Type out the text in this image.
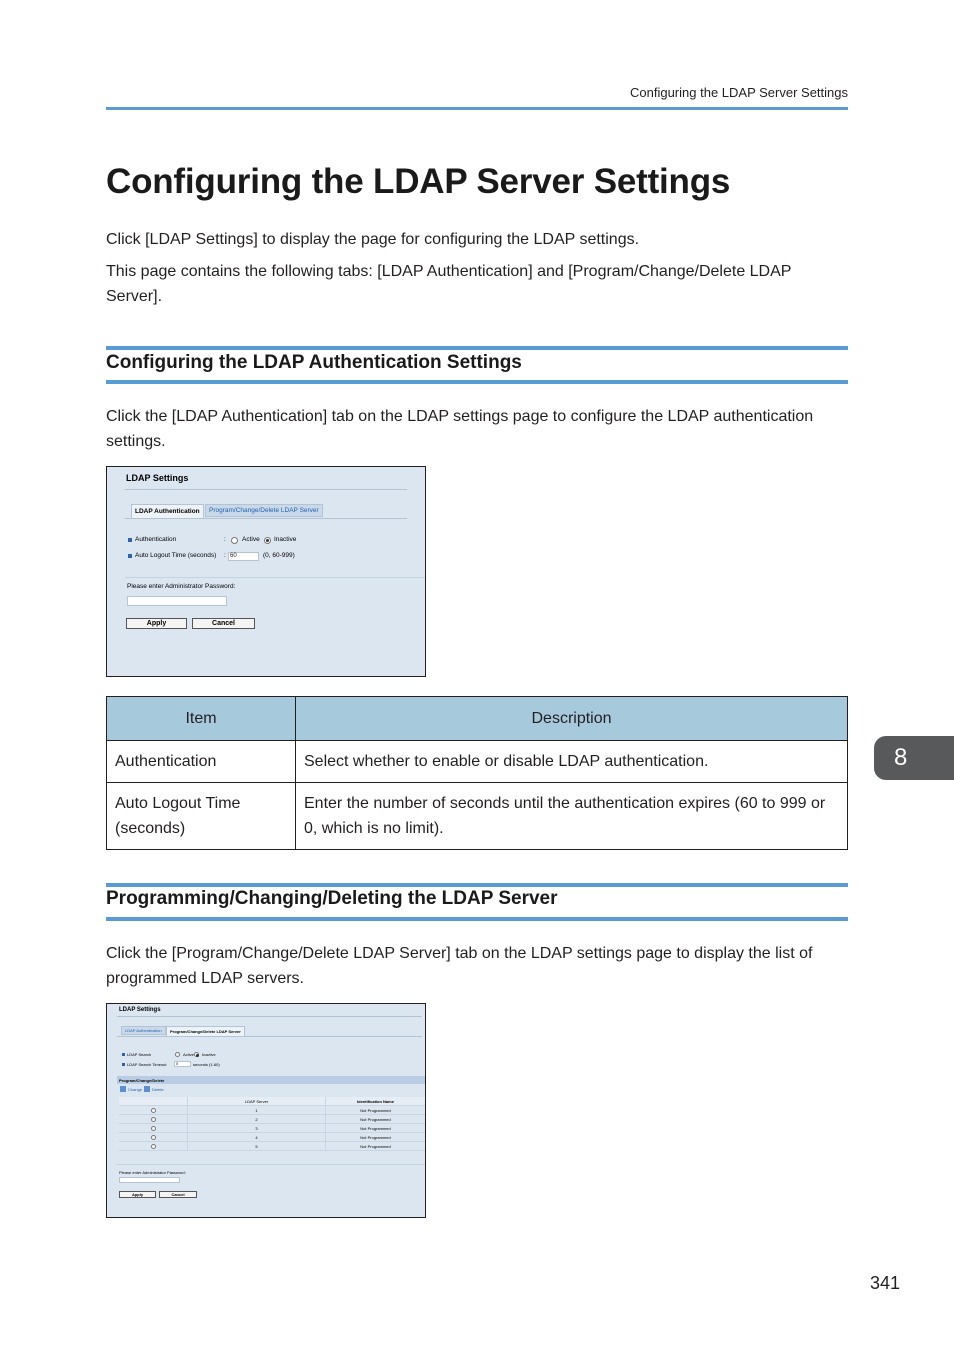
Configuring the LDAP Server Settings
Configuring the LDAP Server Settings

Click [LDAP Settings] to display the page for configuring the LDAP settings.

This page contains the following tabs: [LDAP Authentication] and [Program/Change/Delete LDAP Server].

Configuring the LDAP Authentication Settings

Click the [LDAP Authentication] tab on the LDAP settings page to configure the LDAP authentication settings.

LDAP Settings
LDAP Authentication	Program/Change/Delete LDAP Server
Authentication	: Active Inactive
Auto Logout Time (seconds) : 60	(0, 60-999)
Please enter Administrator Password:
Apply	Cancel
Item	Description
Authentication	Select whether to enable or disable LDAP authentication.
Auto Logout Time (seconds)	Enter the number of seconds until the authentication expires (60 to 999 or 0, which is no limit).
8
Programming/Changing/Deleting the LDAP Server

Click the [Program/Change/Delete LDAP Server] tab on the LDAP settings page to display the list of programmed LDAP servers.

LDAP Settings
LDAP Authentication	Program/Change/Delete LDAP Server
LDAP Search	Active Inactive
LDAP Search Timeout	5	seconds (1-60)
Program/Change/Delete
Change Delete
LDAP Server	Identification Name
1	Not Programmed
2	Not Programmed
3	Not Programmed
4	Not Programmed
5	Not Programmed
Please enter Administrator Password:
Apply	Cancel
341
